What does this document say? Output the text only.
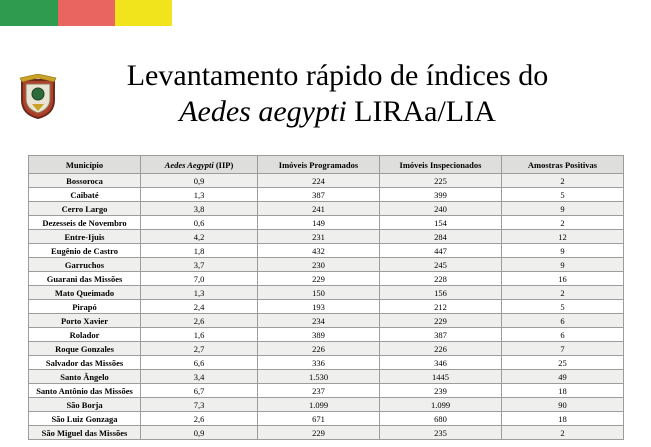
Levantamento rápido de índices do
Aedes aegypti LIRAa/LIA
Município	Aedes Aegypti (IIP)	Imóveis Programados	Imóveis Inspecionados	Amostras Positivas
Bossoroca	0,9	224	225	2
Caibaté	1,3	387	399	5
Cerro Largo	3,8	241	240	9
Dezesseis de Novembro	0,6	149	154	2
Entre-Ijuis	4,2	231	284	12
Eugênio de Castro	1,8	432	447	9
Garruchos	3,7	230	245	9
Guarani das Missões	7,0	229	228	16
Mato Queimado	1,3	150	156	2
Pirapó	2,4	193	212	5
Porto Xavier	2,6	234	229	6
Rolador	1,6	389	387	6
Roque Gonzales	2,7	226	226	7
Salvador das Missões	6,6	336	346	25
Santo Ângelo	3,4	1.530	1445	49
Santo Antônio das Missões	6,7	237	239	18
São Borja	7,3	1.099	1.099	90
São Luiz Gonzaga	2,6	671	680	18
São Miguel das Missões	0,9	229	235	2
